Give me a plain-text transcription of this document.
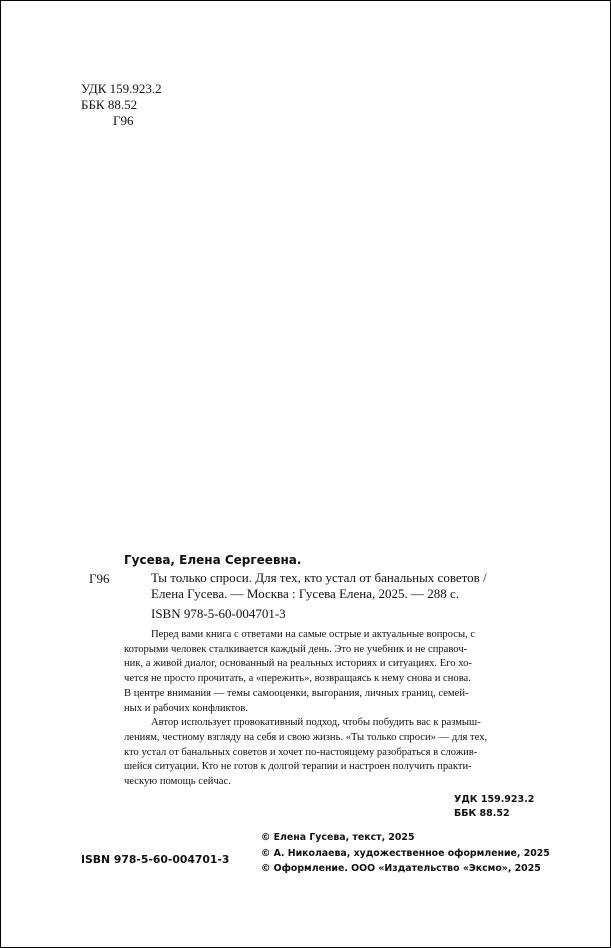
УДК 159.923.2
ББК 88.52
Г96
Г96
Гусева, Елена Сергеевна.
Ты только спроси. Для тех, кто устал от банальных советов /
Елена Гусева. — Москва : Гусева Елена, 2025. — 288 с.
ISBN 978-5-60-004701-3
Перед вами книга с ответами на самые острые и актуальные вопросы, с
которыми человек сталкивается каждый день. Это не учебник и не справоч-
ник, а живой диалог, основанный на реальных историях и ситуациях. Его хо-
чется не просто прочитать, а «пережить», возвращаясь к нему снова и снова.
В центре внимания — темы самооценки, выгорания, личных границ, семей-
ных и рабочих конфликтов.
Автор использует провокативный подход, чтобы побудить вас к размыш-
лениям, честному взгляду на себя и свою жизнь. «Ты только спроси» — для тех,
кто устал от банальных советов и хочет по-настоящему разобраться в сложив-
шейся ситуации. Кто не готов к долгой терапии и настроен получить практи-
ческую помощь сейчас.
УДК 159.923.2
ББК 88.52
© Елена Гусева, текст, 2025
© А. Николаева, художественное оформление, 2025
© Оформление. ООО «Издательство «Эксмо», 2025
ISBN 978-5-60-004701-3
